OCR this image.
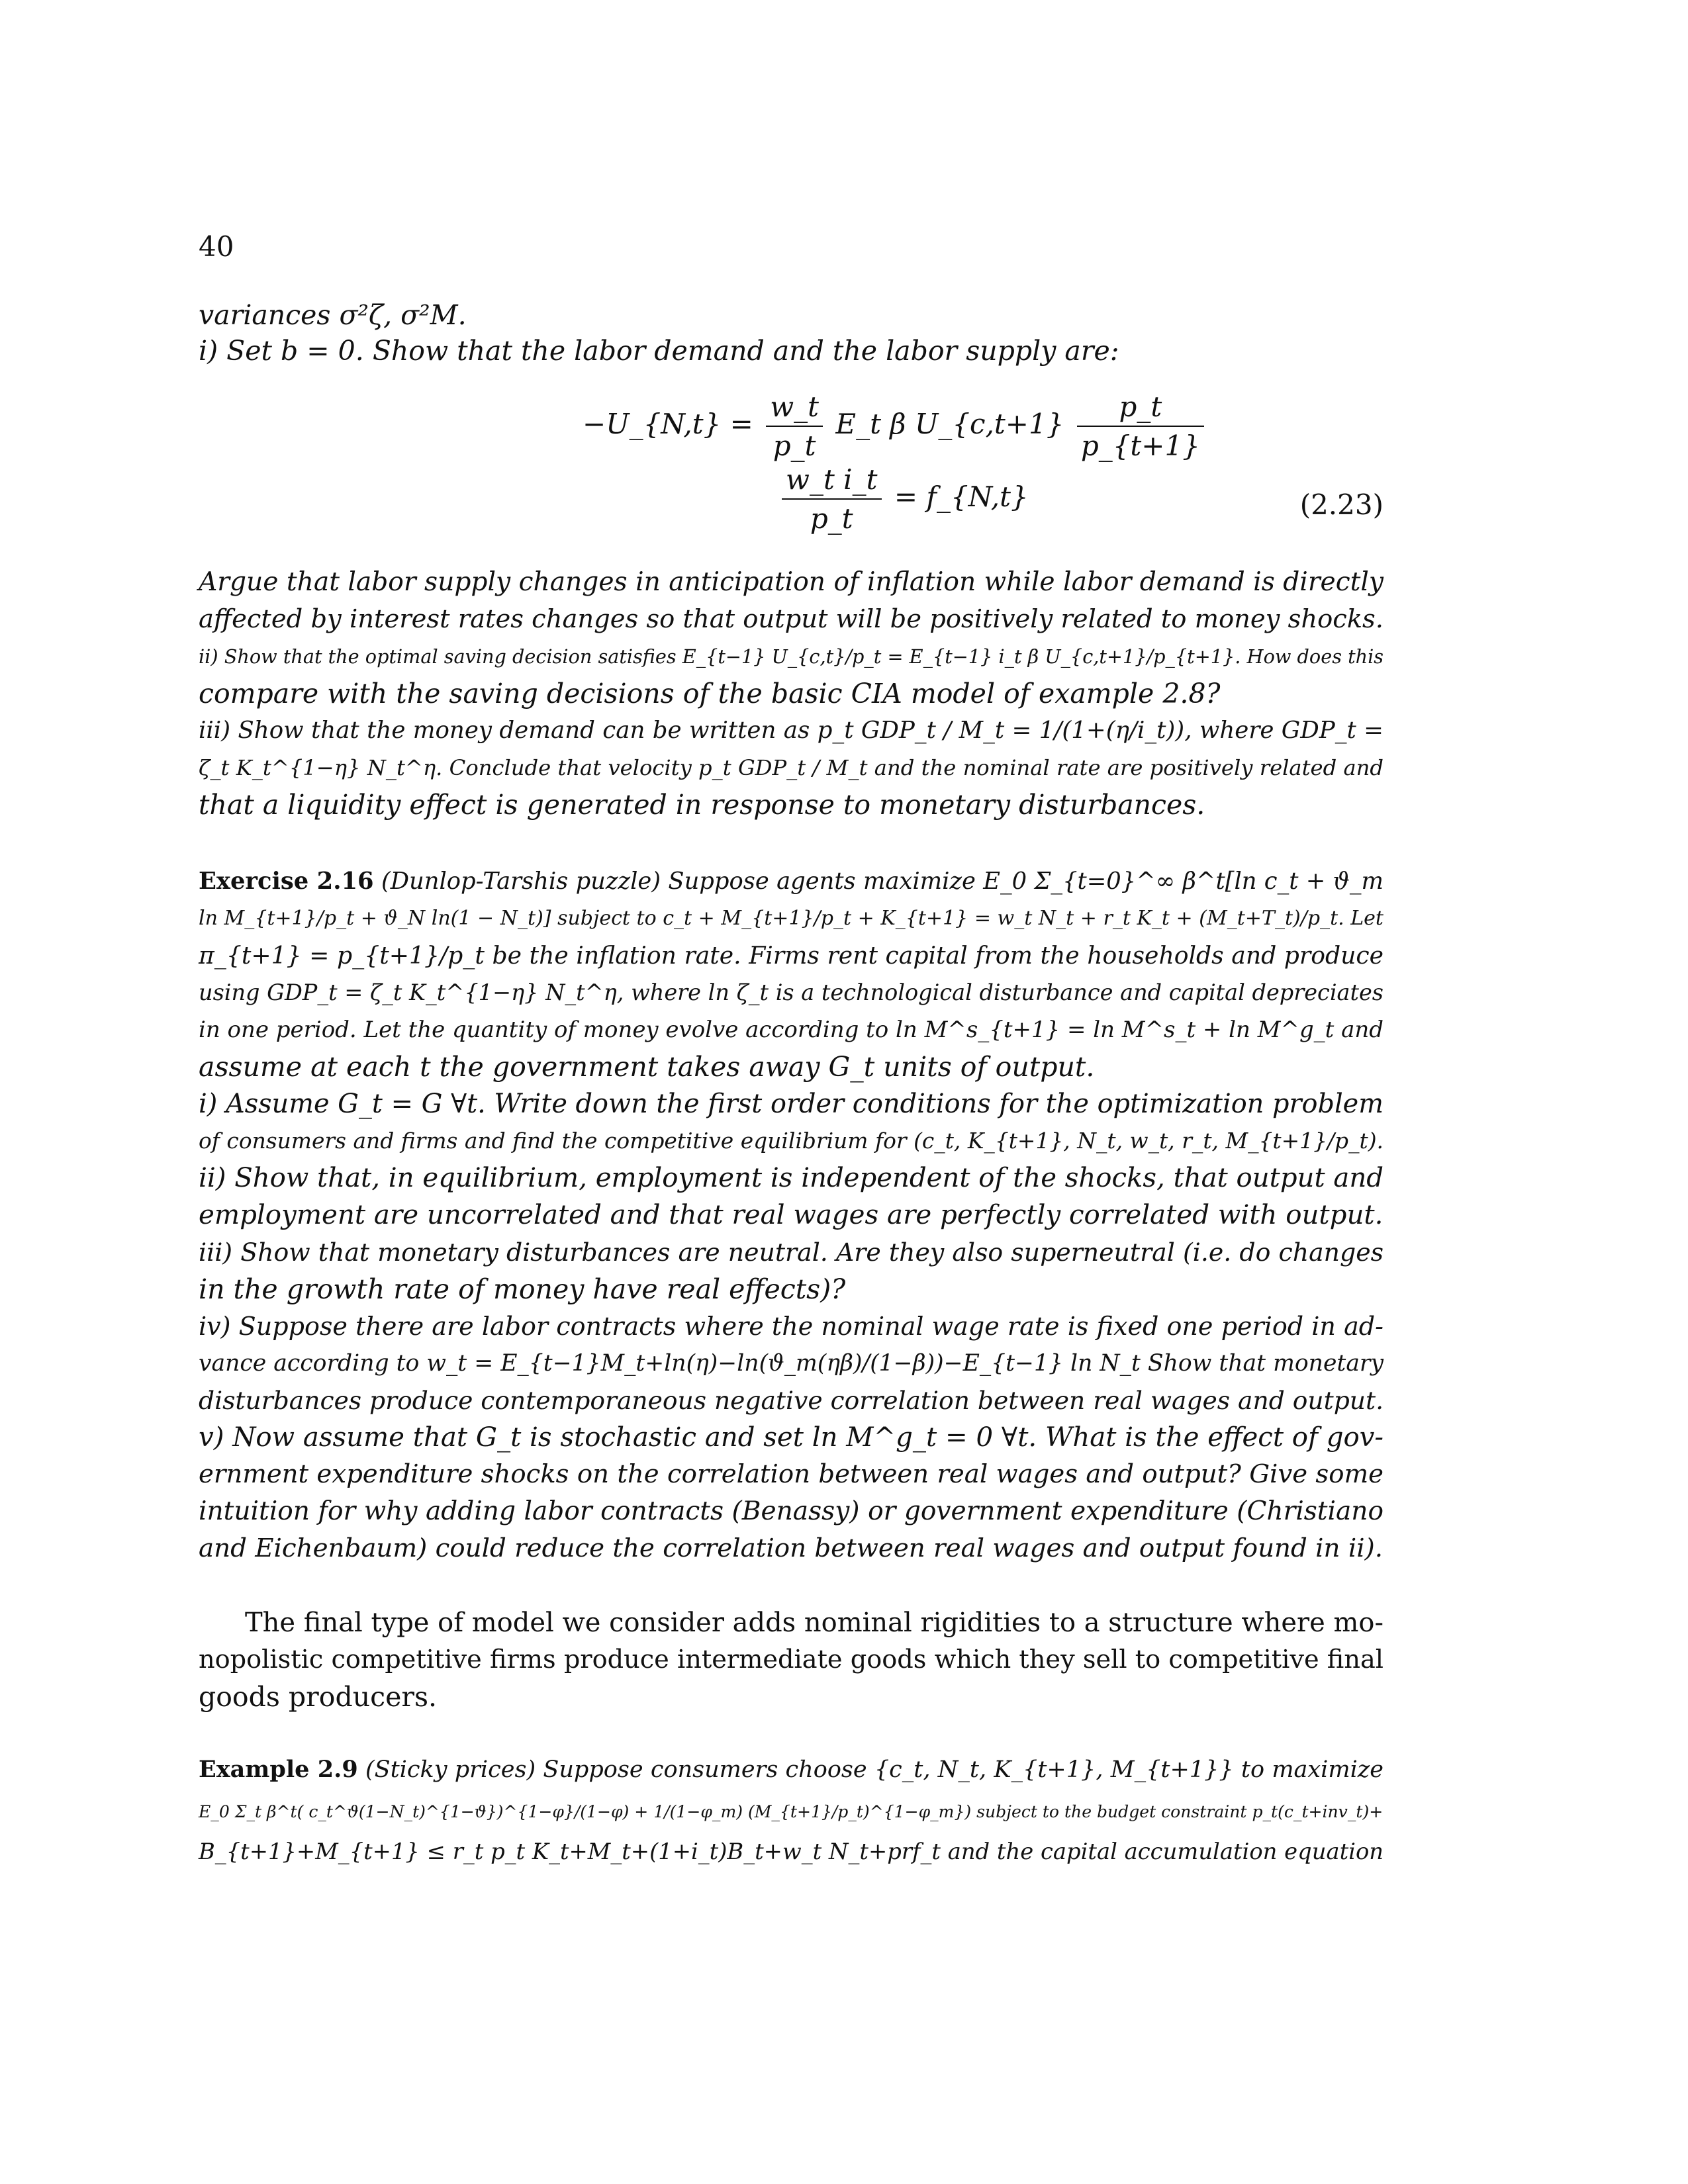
40
variances σ²ζ, σ²M.
i) Set b = 0. Show that the labor demand and the labor supply are:
−U_{N,t} = $\frac{w\_t}{p\_t}$ E_t β U_{c,t+1} $\frac{p\_t}{p\_\{t+1\}}$
$\frac{\text{w\_t i\_t}}{p\_t}$ = f_{N,t}	(2.23)
Argue that labor supply changes in anticipation of inflation while labor demand is directly
affected by interest rates changes so that output will be positively related to money shocks.
ii) Show that the optimal saving decision satisfies E_{t−1} U_{c,t}/p_t = E_{t−1} i_t β U_{c,t+1}/p_{t+1}. How does this
compare with the saving decisions of the basic CIA model of example 2.8?
iii) Show that the money demand can be written as p_t GDP_t / M_t = 1/(1+(η/i_t)), where GDP_t =
ζ_t K_t^{1−η} N_t^η. Conclude that velocity p_t GDP_t / M_t and the nominal rate are positively related and
that a liquidity effect is generated in response to monetary disturbances.
Exercise 2.16 (Dunlop-Tarshis puzzle) Suppose agents maximize E_0 Σ_{t=0}^∞ β^t[ln c_t + ϑ_m
ln M_{t+1}/p_t + ϑ_N ln(1 − N_t)] subject to c_t + M_{t+1}/p_t + K_{t+1} = w_t N_t + r_t K_t + (M_t+T_t)/p_t. Let
π_{t+1} = p_{t+1}/p_t be the inflation rate. Firms rent capital from the households and produce
using GDP_t = ζ_t K_t^{1−η} N_t^η, where ln ζ_t is a technological disturbance and capital depreciates
in one period. Let the quantity of money evolve according to ln M^s_{t+1} = ln M^s_t + ln M^g_t and
assume at each t the government takes away G_t units of output.
i) Assume G_t = G ∀t. Write down the first order conditions for the optimization problem
of consumers and firms and find the competitive equilibrium for (c_t, K_{t+1}, N_t, w_t, r_t, M_{t+1}/p_t).
ii) Show that, in equilibrium, employment is independent of the shocks, that output and
employment are uncorrelated and that real wages are perfectly correlated with output.
iii) Show that monetary disturbances are neutral. Are they also superneutral (i.e. do changes
in the growth rate of money have real effects)?
iv) Suppose there are labor contracts where the nominal wage rate is fixed one period in ad-
vance according to w_t = E_{t−1}M_t+ln(η)−ln(ϑ_m(ηβ)/(1−β))−E_{t−1} ln N_t Show that monetary
disturbances produce contemporaneous negative correlation between real wages and output.
v) Now assume that G_t is stochastic and set ln M^g_t = 0 ∀t. What is the effect of gov-
ernment expenditure shocks on the correlation between real wages and output? Give some
intuition for why adding labor contracts (Benassy) or government expenditure (Christiano
and Eichenbaum) could reduce the correlation between real wages and output found in ii).
The final type of model we consider adds nominal rigidities to a structure where mo-
nopolistic competitive firms produce intermediate goods which they sell to competitive final
goods producers.
Example 2.9 (Sticky prices) Suppose consumers choose {c_t, N_t, K_{t+1}, M_{t+1}} to maximize
E_0 Σ_t β^t( c_t^ϑ(1−N_t)^{1−ϑ})^{1−φ}/(1−φ) + 1/(1−φ_m) (M_{t+1}/p_t)^{1−φ_m}) subject to the budget constraint p_t(c_t+inv_t)+
B_{t+1}+M_{t+1} ≤ r_t p_t K_t+M_t+(1+i_t)B_t+w_t N_t+prf_t and the capital accumulation equation
